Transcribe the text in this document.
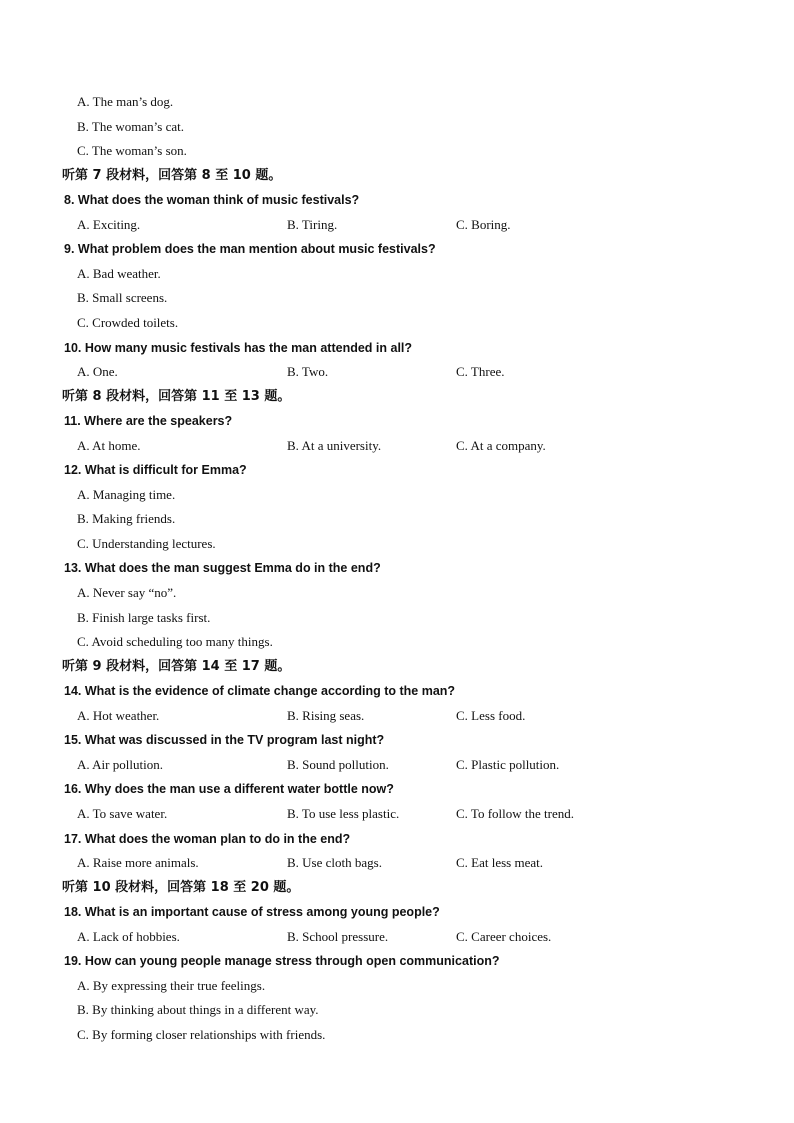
A. The man’s dog.
B. The woman’s cat.
C. The woman’s son.
听第 7 段材料，回答第 8 至 10 题。
8. What does the woman think of music festivals?
A. Exciting.	B. Tiring.	C. Boring.
9. What problem does the man mention about music festivals?
A. Bad weather.
B. Small screens.
C. Crowded toilets.
10. How many music festivals has the man attended in all?
A. One.	B. Two.	C. Three.
听第 8 段材料，回答第 11 至 13 题。
11. Where are the speakers?
A. At home.	B. At a university.	C. At a company.
12. What is difficult for Emma?
A. Managing time.
B. Making friends.
C. Understanding lectures.
13. What does the man suggest Emma do in the end?
A. Never say “no”.
B. Finish large tasks first.
C. Avoid scheduling too many things.
听第 9 段材料，回答第 14 至 17 题。
14. What is the evidence of climate change according to the man?
A. Hot weather.	B. Rising seas.	C. Less food.
15. What was discussed in the TV program last night?
A. Air pollution.	B. Sound pollution.	C. Plastic pollution.
16. Why does the man use a different water bottle now?
A. To save water.	B. To use less plastic.	C. To follow the trend.
17. What does the woman plan to do in the end?
A. Raise more animals.	B. Use cloth bags.	C. Eat less meat.
听第 10 段材料，回答第 18 至 20 题。
18. What is an important cause of stress among young people?
A. Lack of hobbies.	B. School pressure.	C. Career choices.
19. How can young people manage stress through open communication?
A. By expressing their true feelings.
B. By thinking about things in a different way.
C. By forming closer relationships with friends.
